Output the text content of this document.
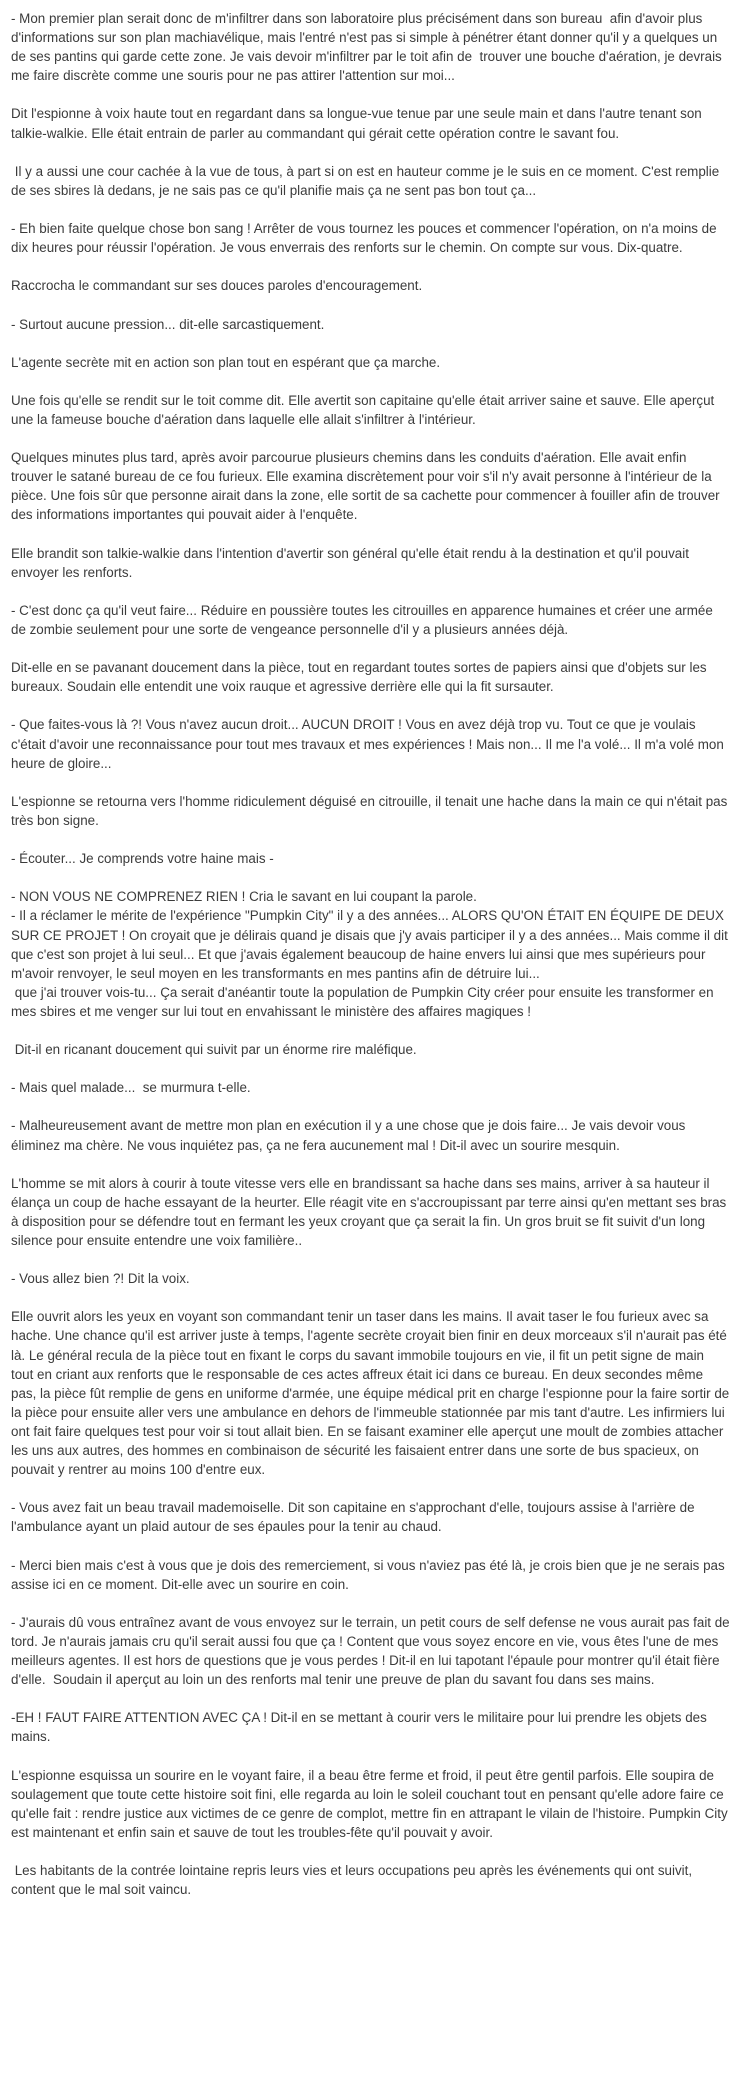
- Mon premier plan serait donc de m'infiltrer dans son laboratoire plus précisément dans son bureau  afin d'avoir plus d'informations sur son plan machiavélique, mais l'entré n'est pas si simple à pénétrer étant donner qu'il y a quelques un de ses pantins qui garde cette zone. Je vais devoir m'infiltrer par le toit afin de  trouver une bouche d'aération, je devrais me faire discrète comme une souris pour ne pas attirer l'attention sur moi...

Dit l'espionne à voix haute tout en regardant dans sa longue-vue tenue par une seule main et dans l'autre tenant son talkie-walkie. Elle était entrain de parler au commandant qui gérait cette opération contre le savant fou.

Il y a aussi une cour cachée à la vue de tous, à part si on est en hauteur comme je le suis en ce moment. C'est remplie de ses sbires là dedans, je ne sais pas ce qu'il planifie mais ça ne sent pas bon tout ça...

- Eh bien faite quelque chose bon sang ! Arrêter de vous tournez les pouces et commencer l'opération, on n'a moins de dix heures pour réussir l'opération. Je vous enverrais des renforts sur le chemin. On compte sur vous. Dix-quatre.

Raccrocha le commandant sur ses douces paroles d'encouragement.

- Surtout aucune pression... dit-elle sarcastiquement.

L'agente secrète mit en action son plan tout en espérant que ça marche.

Une fois qu'elle se rendit sur le toit comme dit. Elle avertit son capitaine qu'elle était arriver saine et sauve. Elle aperçut une la fameuse bouche d'aération dans laquelle elle allait s'infiltrer à l'intérieur.

Quelques minutes plus tard, après avoir parcourue plusieurs chemins dans les conduits d'aération. Elle avait enfin trouver le satané bureau de ce fou furieux. Elle examina discrètement pour voir s'il n'y avait personne à l'intérieur de la pièce. Une fois sûr que personne airait dans la zone, elle sortit de sa cachette pour commencer à fouiller afin de trouver des informations importantes qui pouvait aider à l'enquête.

Elle brandit son talkie-walkie dans l'intention d'avertir son général qu'elle était rendu à la destination et qu'il pouvait envoyer les renforts.

- C'est donc ça qu'il veut faire... Réduire en poussière toutes les citrouilles en apparence humaines et créer une armée de zombie seulement pour une sorte de vengeance personnelle d'il y a plusieurs années déjà.

Dit-elle en se pavanant doucement dans la pièce, tout en regardant toutes sortes de papiers ainsi que d'objets sur les bureaux. Soudain elle entendit une voix rauque et agressive derrière elle qui la fit sursauter.

- Que faites-vous là ?! Vous n'avez aucun droit... AUCUN DROIT ! Vous en avez déjà trop vu. Tout ce que je voulais c'était d'avoir une reconnaissance pour tout mes travaux et mes expériences ! Mais non... Il me l'a volé... Il m'a volé mon heure de gloire...

L'espionne se retourna vers l'homme ridiculement déguisé en citrouille, il tenait une hache dans la main ce qui n'était pas très bon signe.

- Écouter... Je comprends votre haine mais -

- NON VOUS NE COMPRENEZ RIEN ! Cria le savant en lui coupant la parole.
- Il a réclamer le mérite de l'expérience "Pumpkin City" il y a des années... ALORS QU'ON ÉTAIT EN ÉQUIPE DE DEUX SUR CE PROJET ! On croyait que je délirais quand je disais que j'y avais participer il y a des années... Mais comme il dit que c'est son projet à lui seul... Et que j'avais également beaucoup de haine envers lui ainsi que mes supérieurs pour m'avoir renvoyer, le seul moyen en les transformants en mes pantins afin de détruire lui...
que j'ai trouver vois-tu... Ça serait d'anéantir toute la population de Pumpkin City créer pour ensuite les transformer en mes sbires et me venger sur lui tout en envahissant le ministère des affaires magiques !

Dit-il en ricanant doucement qui suivit par un énorme rire maléfique.

- Mais quel malade...  se murmura t-elle.

- Malheureusement avant de mettre mon plan en exécution il y a une chose que je dois faire... Je vais devoir vous éliminez ma chère. Ne vous inquiétez pas, ça ne fera aucunement mal ! Dit-il avec un sourire mesquin.

L'homme se mit alors à courir à toute vitesse vers elle en brandissant sa hache dans ses mains, arriver à sa hauteur il élança un coup de hache essayant de la heurter. Elle réagit vite en s'accroupissant par terre ainsi qu'en mettant ses bras à disposition pour se défendre tout en fermant les yeux croyant que ça serait la fin. Un gros bruit se fit suivit d'un long silence pour ensuite entendre une voix familière..

- Vous allez bien ?! Dit la voix.

Elle ouvrit alors les yeux en voyant son commandant tenir un taser dans les mains. Il avait taser le fou furieux avec sa hache. Une chance qu'il est arriver juste à temps, l'agente secrète croyait bien finir en deux morceaux s'il n'aurait pas été là. Le général recula de la pièce tout en fixant le corps du savant immobile toujours en vie, il fit un petit signe de main tout en criant aux renforts que le responsable de ces actes affreux était ici dans ce bureau. En deux secondes même pas, la pièce fût remplie de gens en uniforme d'armée, une équipe médical prit en charge l'espionne pour la faire sortir de la pièce pour ensuite aller vers une ambulance en dehors de l'immeuble stationnée par mis tant d'autre. Les infirmiers lui ont fait faire quelques test pour voir si tout allait bien. En se faisant examiner elle aperçut une moult de zombies attacher les uns aux autres, des hommes en combinaison de sécurité les faisaient entrer dans une sorte de bus spacieux, on pouvait y rentrer au moins 100 d'entre eux.

- Vous avez fait un beau travail mademoiselle. Dit son capitaine en s'approchant d'elle, toujours assise à l'arrière de l'ambulance ayant un plaid autour de ses épaules pour la tenir au chaud.

- Merci bien mais c'est à vous que je dois des remerciement, si vous n'aviez pas été là, je crois bien que je ne serais pas assise ici en ce moment. Dit-elle avec un sourire en coin.

- J'aurais dû vous entraînez avant de vous envoyez sur le terrain, un petit cours de self defense ne vous aurait pas fait de tord. Je n'aurais jamais cru qu'il serait aussi fou que ça ! Content que vous soyez encore en vie, vous êtes l'une de mes meilleurs agentes. Il est hors de questions que je vous perdes ! Dit-il en lui tapotant l'épaule pour montrer qu'il était fière d'elle.  Soudain il aperçut au loin un des renforts mal tenir une preuve de plan du savant fou dans ses mains.

-EH ! FAUT FAIRE ATTENTION AVEC ÇA ! Dit-il en se mettant à courir vers le militaire pour lui prendre les objets des mains.

L'espionne esquissa un sourire en le voyant faire, il a beau être ferme et froid, il peut être gentil parfois. Elle soupira de soulagement que toute cette histoire soit fini, elle regarda au loin le soleil couchant tout en pensant qu'elle adore faire ce qu'elle fait : rendre justice aux victimes de ce genre de complot, mettre fin en attrapant le vilain de l'histoire. Pumpkin City est maintenant et enfin sain et sauve de tout les troubles-fête qu'il pouvait y avoir.

Les habitants de la contrée lointaine repris leurs vies et leurs occupations peu après les événements qui ont suivit, content que le mal soit vaincu.
